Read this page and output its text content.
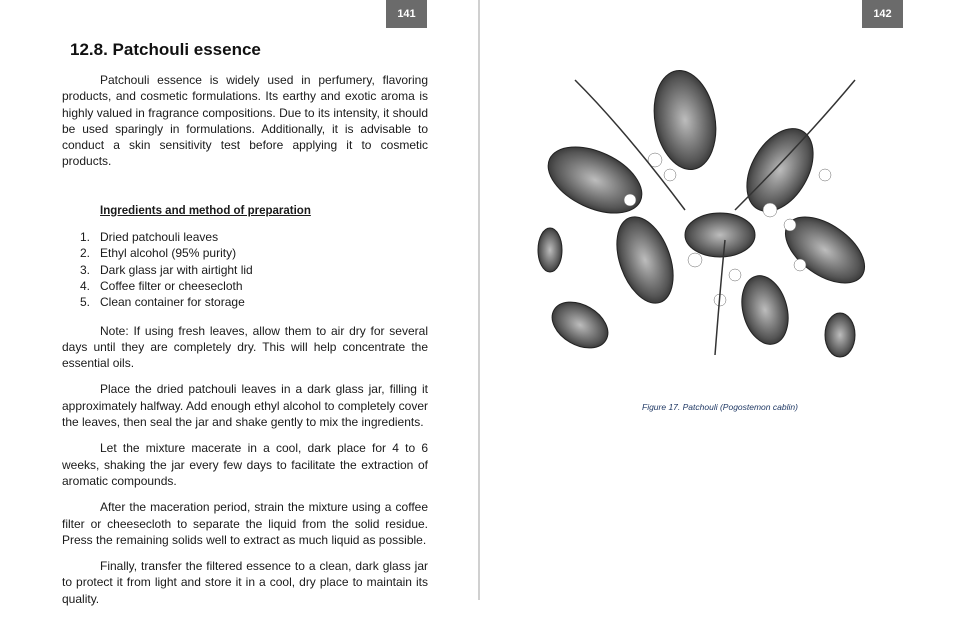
141
12.8. Patchouli essence

Patchouli essence is widely used in perfumery, flavoring products, and cosmetic formulations. Its earthy and exotic aroma is highly valued in fragrance compositions. Due to its intensity, it should be used sparingly in formulations. Additionally, it is advisable to conduct a skin sensitivity test before applying it to cosmetic products.

Ingredients and method of preparation
1. Dried patchouli leaves
2. Ethyl alcohol (95% purity)
3. Dark glass jar with airtight lid
4. Coffee filter or cheesecloth
5. Clean container for storage

Note: If using fresh leaves, allow them to air dry for several days until they are completely dry. This will help concentrate the essential oils.

Place the dried patchouli leaves in a dark glass jar, filling it approximately halfway. Add enough ethyl alcohol to completely cover the leaves, then seal the jar and shake gently to mix the ingredients.

Let the mixture macerate in a cool, dark place for 4 to 6 weeks, shaking the jar every few days to facilitate the extraction of aromatic compounds.

After the maceration period, strain the mixture using a coffee filter or cheesecloth to separate the liquid from the solid residue. Press the remaining solids well to extract as much liquid as possible.

Finally, transfer the filtered essence to a clean, dark glass jar to protect it from light and store it in a cool, dry place to maintain its quality.

142
Figure 17. Patchouli (Pogostemon cablin)
